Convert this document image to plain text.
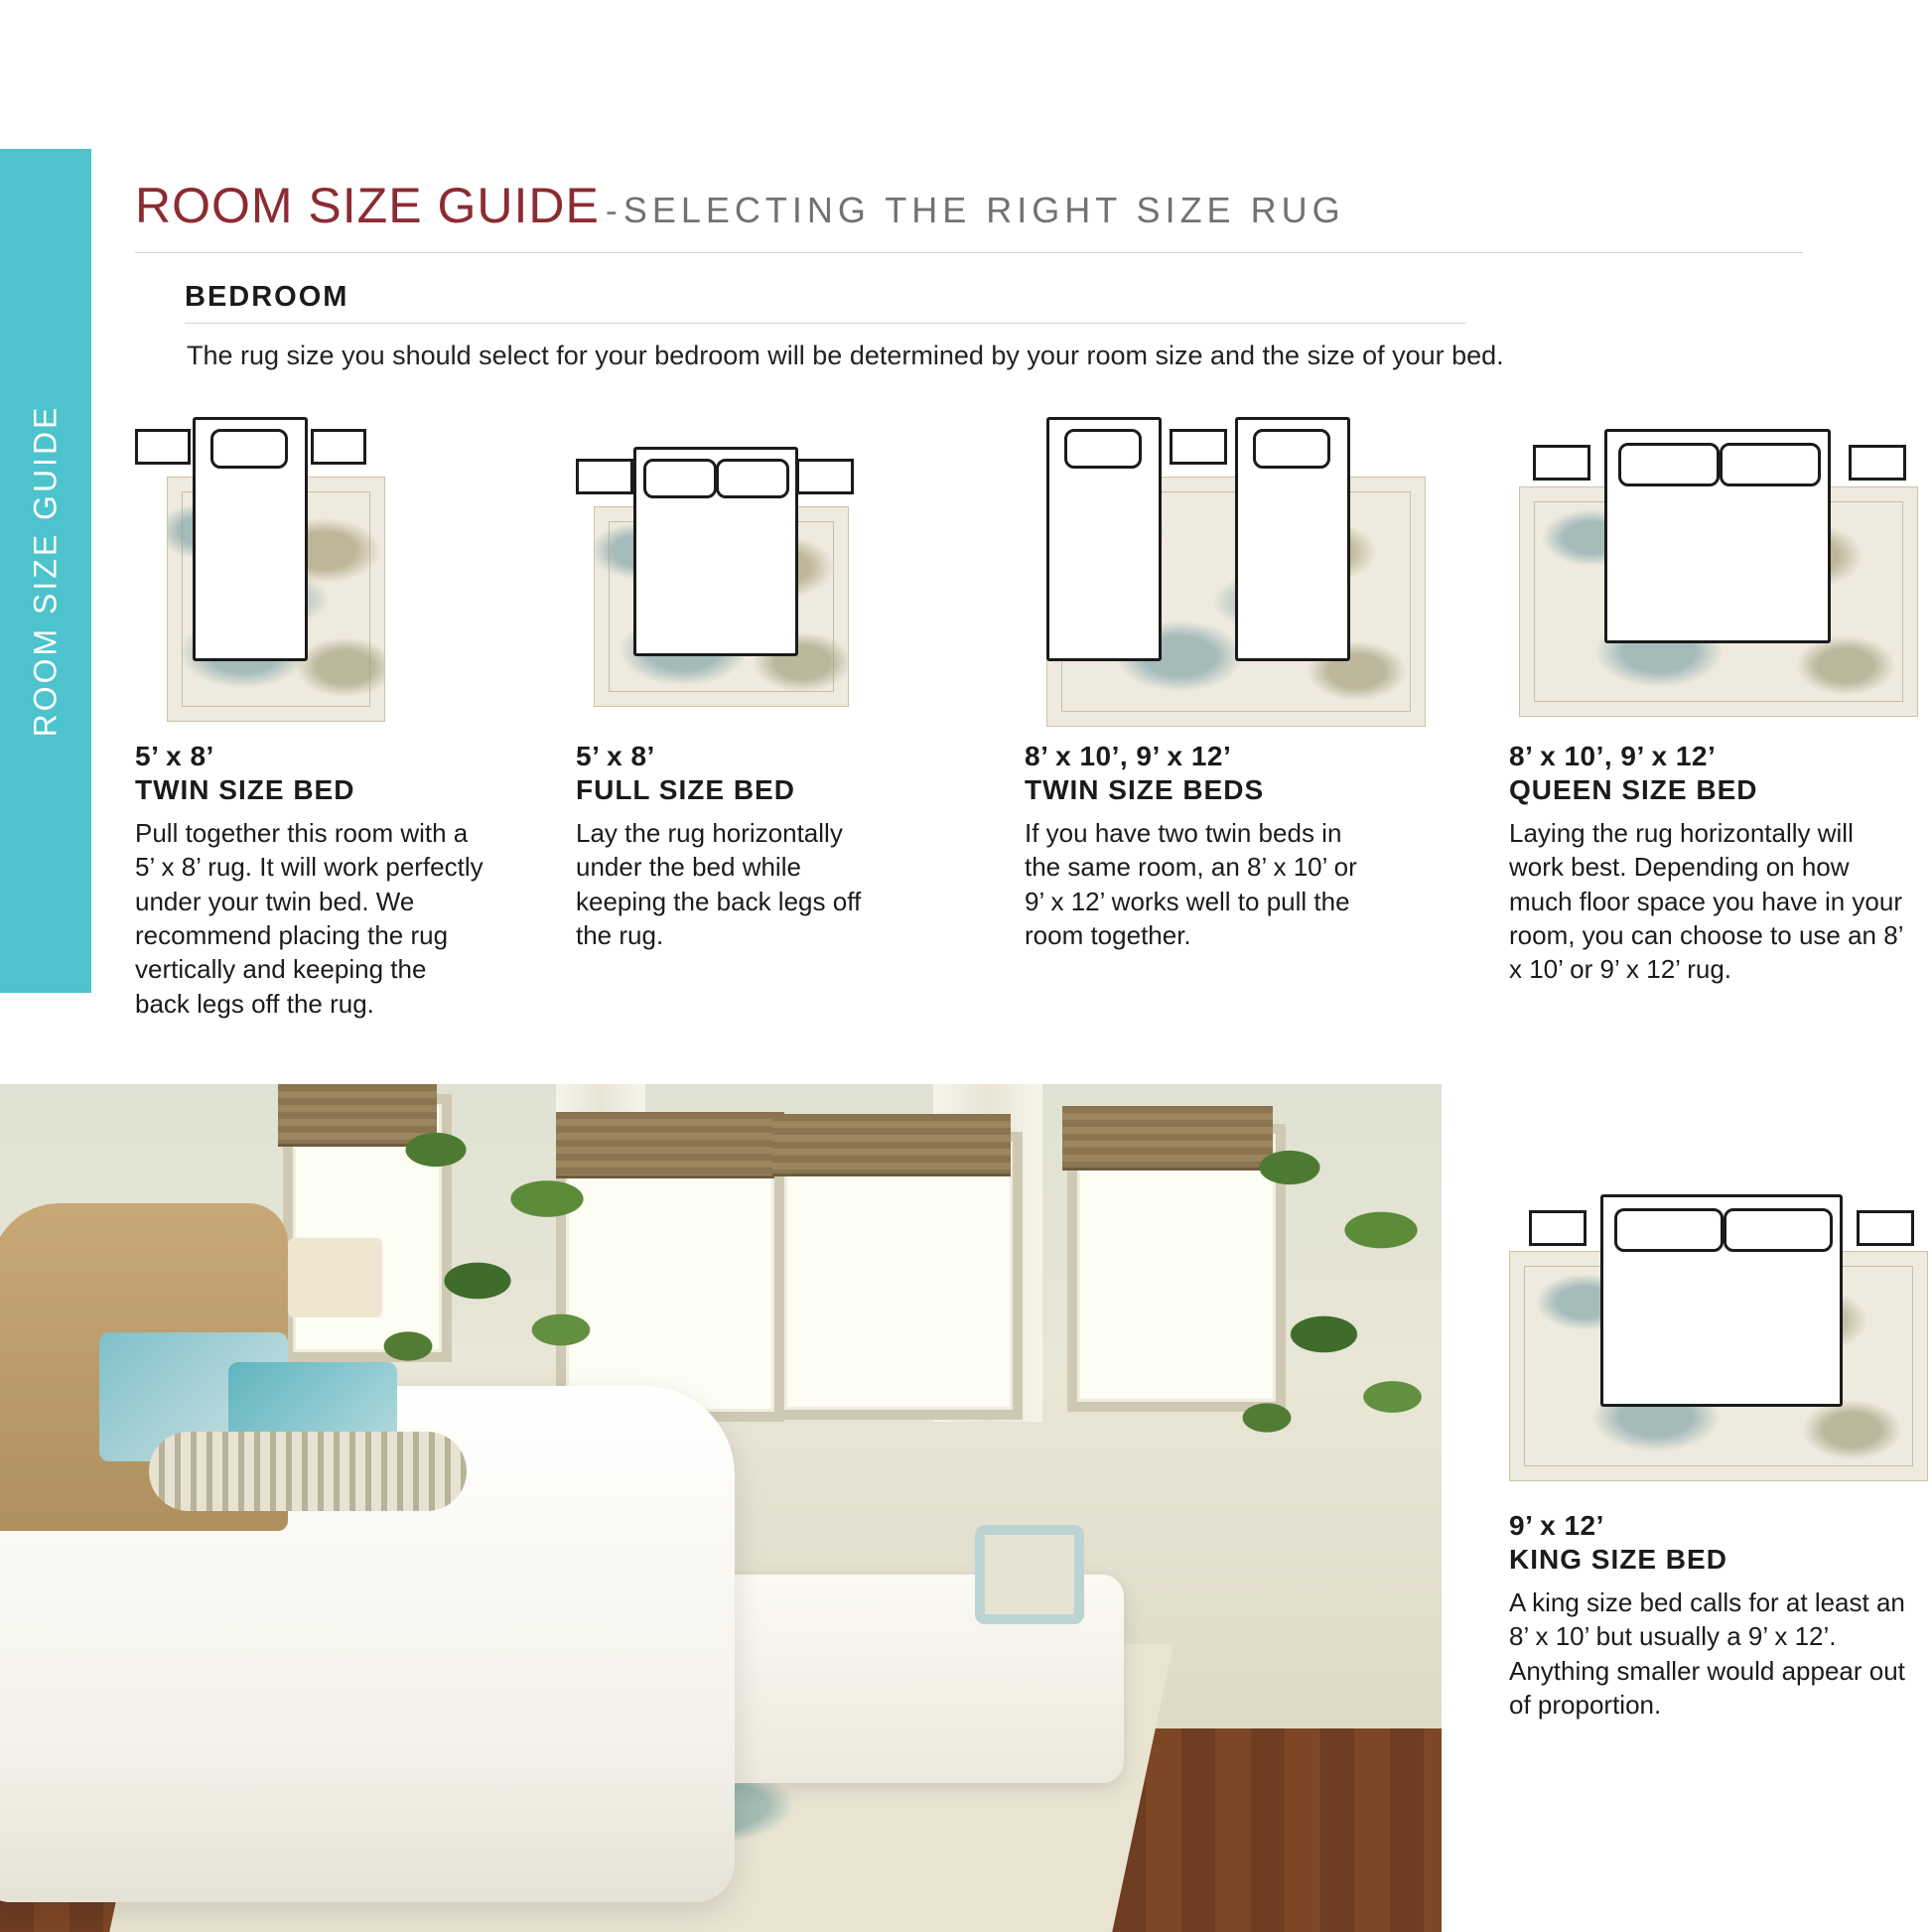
ROOM SIZE GUIDE
ROOM SIZE GUIDE - SELECTING THE RIGHT SIZE RUG
BEDROOM
The rug size you should select for your bedroom will be determined by your room size and the size of your bed.
5’ x 8’
TWIN SIZE BED
Pull together this room with a 5’ x 8’ rug. It will work perfectly under your twin bed. We recommend placing the rug vertically and keeping the back legs off the rug.
5’ x 8’
FULL SIZE BED
Lay the rug horizontally under the bed while keeping the back legs off the rug.
8’ x 10’, 9’ x 12’
TWIN SIZE BEDS
If you have two twin beds in the same room, an 8’ x 10’ or 9’ x 12’ works well to pull the room together.
8’ x 10’, 9’ x 12’
QUEEN SIZE BED
Laying the rug horizontally will work best. Depending on how much floor space you have in your room, you can choose to use an 8’ x 10’ or 9’ x 12’ rug.
9’ x 12’
KING SIZE BED
A king size bed calls for at least an 8’ x 10’ but usually a 9’ x 12’. Anything smaller would appear out of proportion.
